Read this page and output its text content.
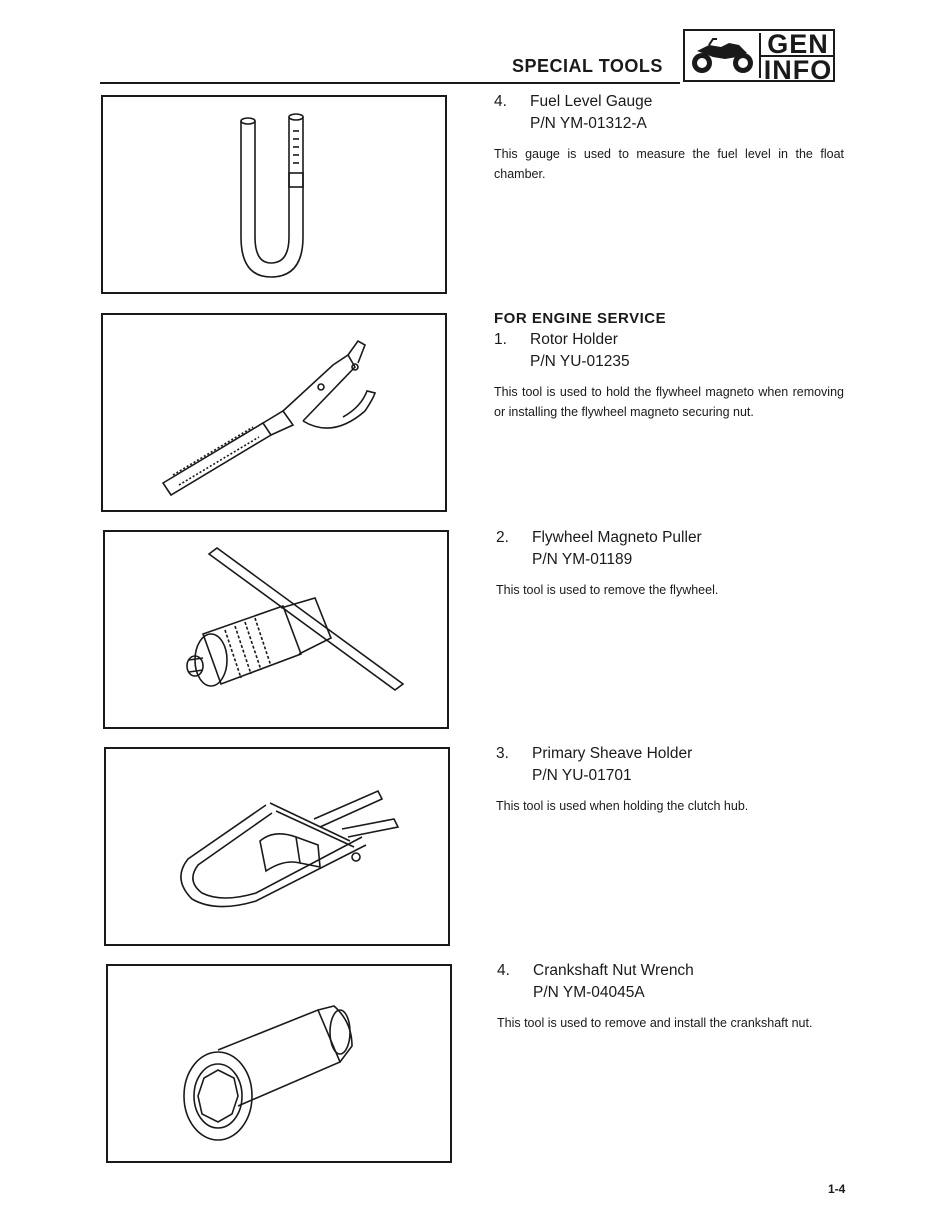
SPECIAL TOOLS
GEN
INFO
4. Fuel Level Gauge
P/N YM-01312-A
This gauge is used to measure the fuel level in the float chamber.
FOR ENGINE SERVICE
1. Rotor Holder
P/N YU-01235
This tool is used to hold the flywheel magneto when removing or installing the flywheel magneto securing nut.
2. Flywheel Magneto Puller
P/N YM-01189
This tool is used to remove the flywheel.
3. Primary Sheave Holder
P/N YU-01701
This tool is used when holding the clutch hub.
4. Crankshaft Nut Wrench
P/N YM-04045A
This tool is used to remove and install the crankshaft nut.
1-4
